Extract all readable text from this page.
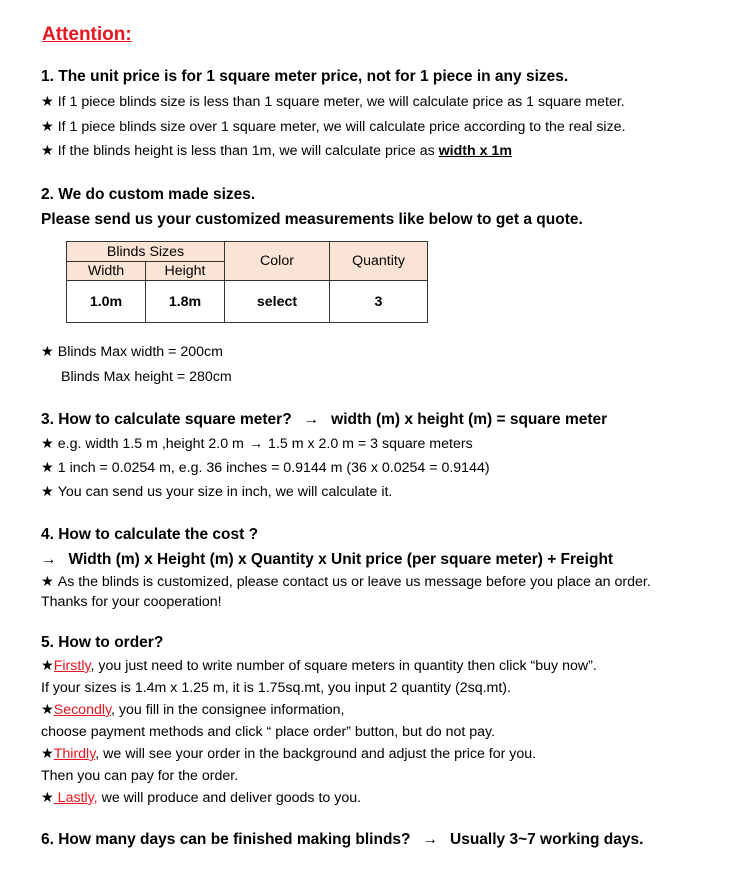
Attention:
1. The unit price is for 1 square meter price, not for 1 piece in any sizes.
★ If 1 piece blinds size is less than 1 square meter, we will calculate price as 1 square meter.
★ If 1 piece blinds size over 1 square meter, we will calculate price according to the real size.
★ If the blinds height is less than 1m, we will calculate price as width x 1m
2. We do custom made sizes.
Please send us your customized measurements like below to get a quote.
Blinds Sizes		Color	Quantity
Width	Height		
1.0m	1.8m	select	3
★ Blinds Max width = 200cm
Blinds Max height = 280cm
3. How to calculate square meter? → width (m) x height (m) = square meter
★ e.g. width 1.5 m ,height 2.0 m → 1.5 m x 2.0 m = 3 square meters
★ 1 inch = 0.0254 m, e.g. 36 inches = 0.9144 m (36 x 0.0254 = 0.9144)
★ You can send us your size in inch, we will calculate it.
4. How to calculate the cost ?
→ Width (m) x Height (m) x Quantity x Unit price (per square meter) + Freight
★ As the blinds is customized, please contact us or leave us message before you place an order.
Thanks for your cooperation!
5. How to order?
★Firstly, you just need to write number of square meters in quantity then click “buy now”.
If your sizes is 1.4m x 1.25 m, it is 1.75sq.mt, you input 2 quantity (2sq.mt).
★Secondly, you fill in the consignee information,
choose payment methods and click “ place order” button, but do not pay.
★Thirdly, we will see your order in the background and adjust the price for you.
Then you can pay for the order.
★ Lastly, we will produce and deliver goods to you.
6. How many days can be finished making blinds? → Usually 3~7 working days.
